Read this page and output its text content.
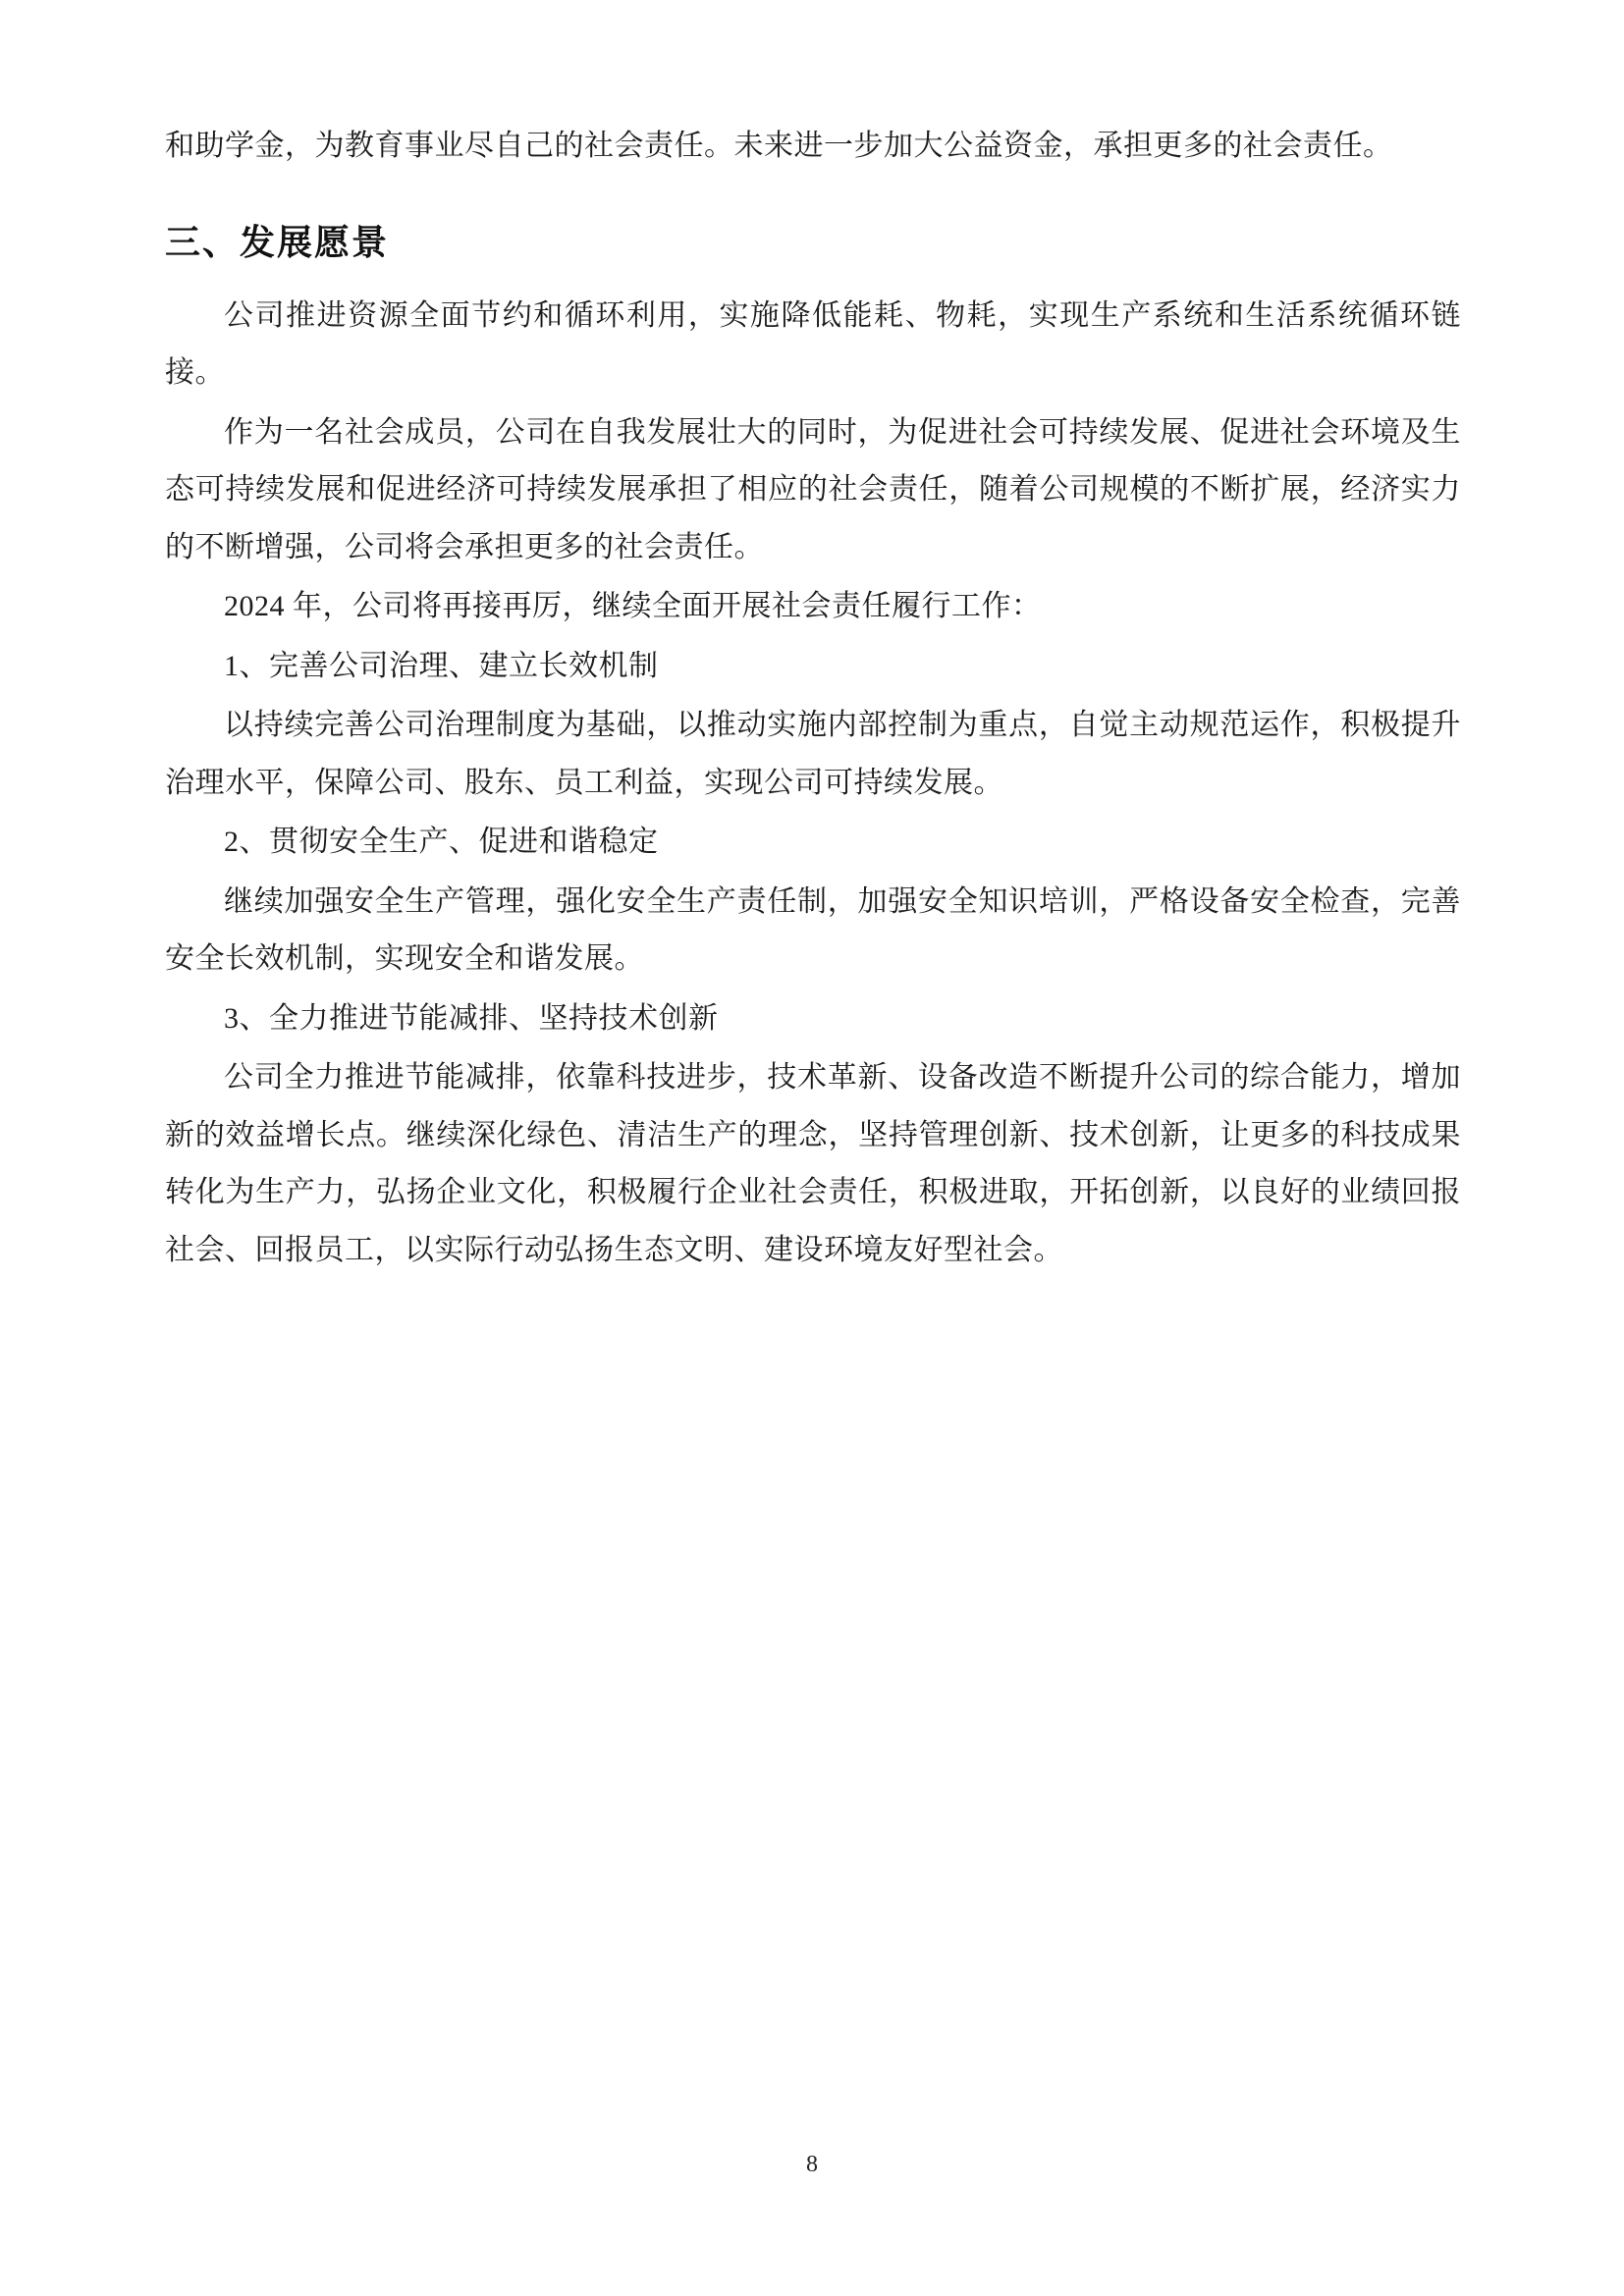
和助学金，为教育事业尽自己的社会责任。未来进一步加大公益资金，承担更多的社会责任。

三、发展愿景

公司推进资源全面节约和循环利用，实施降低能耗、物耗，实现生产系统和生活系统循环链接。

作为一名社会成员，公司在自我发展壮大的同时，为促进社会可持续发展、促进社会环境及生态可持续发展和促进经济可持续发展承担了相应的社会责任，随着公司规模的不断扩展，经济实力的不断增强，公司将会承担更多的社会责任。

2024 年，公司将再接再厉，继续全面开展社会责任履行工作：

1、完善公司治理、建立长效机制

以持续完善公司治理制度为基础，以推动实施内部控制为重点，自觉主动规范运作，积极提升治理水平，保障公司、股东、员工利益，实现公司可持续发展。

2、贯彻安全生产、促进和谐稳定

继续加强安全生产管理，强化安全生产责任制，加强安全知识培训，严格设备安全检查，完善安全长效机制，实现安全和谐发展。

3、全力推进节能减排、坚持技术创新

公司全力推进节能减排，依靠科技进步，技术革新、设备改造不断提升公司的综合能力，增加新的效益增长点。继续深化绿色、清洁生产的理念，坚持管理创新、技术创新，让更多的科技成果转化为生产力，弘扬企业文化，积极履行企业社会责任，积极进取，开拓创新，以良好的业绩回报社会、回报员工，以实际行动弘扬生态文明、建设环境友好型社会。

8
